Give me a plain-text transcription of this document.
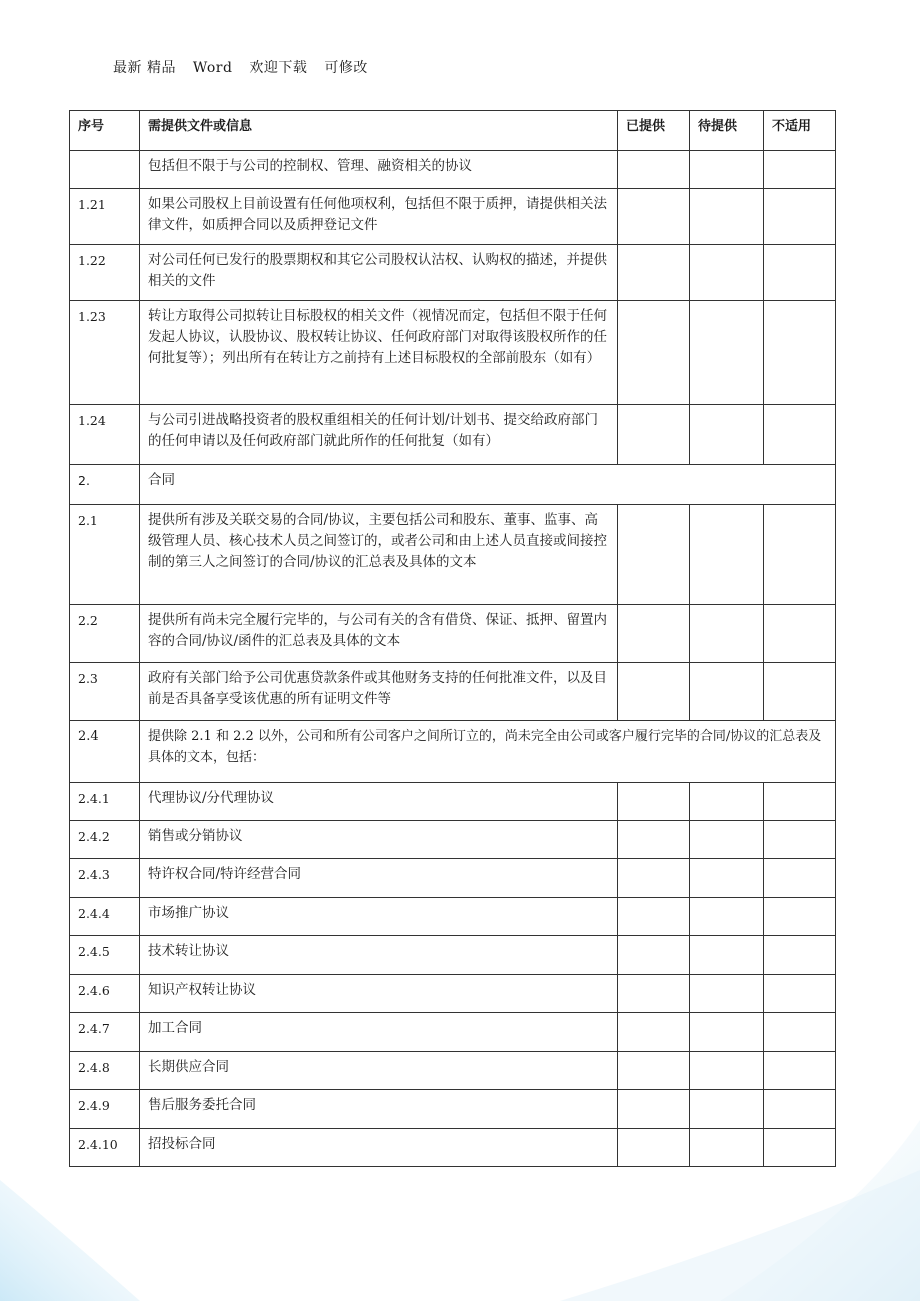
最新 精品 Word 欢迎下载 可修改
序号	需提供文件或信息	已提供	待提供	不适用
	包括但不限于与公司的控制权、管理、融资相关的协议			
1.21	如果公司股权上目前设置有任何他项权利，包括但不限于质押，请提供相关法律文件，如质押合同以及质押登记文件			
1.22	对公司任何已发行的股票期权和其它公司股权认沽权、认购权的描述，并提供相关的文件			
1.23	转让方取得公司拟转让目标股权的相关文件（视情况而定，包括但不限于任何发起人协议，认股协议、股权转让协议、任何政府部门对取得该股权所作的任何批复等）；列出所有在转让方之前持有上述目标股权的全部前股东（如有）			
1.24	与公司引进战略投资者的股权重组相关的任何计划/计划书、提交给政府部门的任何申请以及任何政府部门就此所作的任何批复（如有）			
2.	合同			
2.1	提供所有涉及关联交易的合同/协议，主要包括公司和股东、董事、监事、高级管理人员、核心技术人员之间签订的，或者公司和由上述人员直接或间接控制的第三人之间签订的合同/协议的汇总表及具体的文本			
2.2	提供所有尚未完全履行完毕的，与公司有关的含有借贷、保证、抵押、留置内容的合同/协议/函件的汇总表及具体的文本			
2.3	政府有关部门给予公司优惠贷款条件或其他财务支持的任何批准文件，以及目前是否具备享受该优惠的所有证明文件等			
2.4	提供除 2.1 和 2.2 以外，公司和所有公司客户之间所订立的，尚未完全由公司或客户履行完毕的合同/协议的汇总表及具体的文本，包括：			
2.4.1	代理协议/分代理协议			
2.4.2	销售或分销协议			
2.4.3	特许权合同/特许经营合同			
2.4.4	市场推广协议			
2.4.5	技术转让协议			
2.4.6	知识产权转让协议			
2.4.7	加工合同			
2.4.8	长期供应合同			
2.4.9	售后服务委托合同			
2.4.10	招投标合同			
